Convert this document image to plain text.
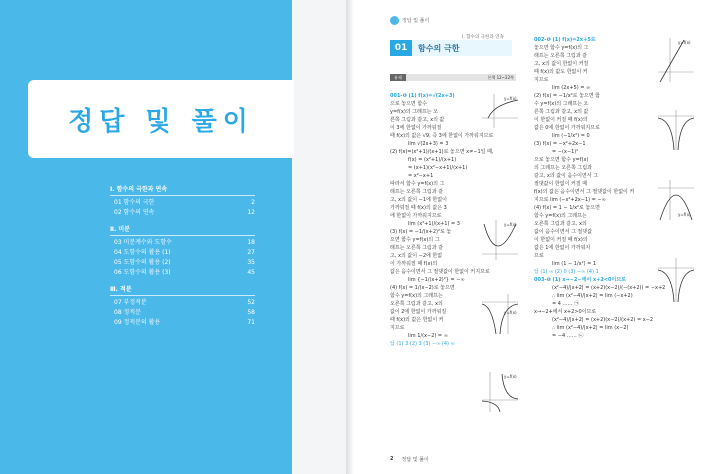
정답 및 풀이
Ⅰ. 함수의 극한과 연속
01 함수의 극한	2
02 함수의 연속	12
Ⅱ. 미분
03 미분계수와 도함수	18
04 도함수의 활용 (1)	27
05 도함수의 활용 (2)	35
06 도함수의 활용 (3)	45
Ⅲ. 적분
07 부정적분	52
08 정적분	58
09 정적분의 활용	71
정답 및 풀이
Ⅰ. 함수의 극한과 연속
01	함수의 극한
유제	본책 12~22쪽
001-❶ (1) f(x)=√(2x+3)
으로 놓으면 함수
y=f(x)의 그래프는 오
른쪽 그림과 같고, x의 값
이 3에 한없이 가까워질
때 f(x)의 값은 √9, 즉 3에 한없이 가까워지므로
lim √(2x+3) = 3
(2) f(x)=(x²+1)/(x+1)로 놓으면 x≠−1일 때,
f(x) = (x²+1)/(x+1)
= (x+1)(x²−x+1)/(x+1)
= x²−x+1
따라서 함수 y=f(x)의 그
래프는 오른쪽 그림과 같
고, x의 값이 −1에 한없이
가까워질 때 f(x)의 값은 3
에 한없이 가까워지므로
lim (x³+1)/(x+1) = 3
(3) f(x) = −1/(x+2)²로 놓
으면 함수 y=f(x)의 그
래프는 오른쪽 그림과 같
고, x의 값이 −2에 한없
이 가까워질 때 f(x)의
값은 음수이면서 그 절댓값이 한없이 커지므로
lim {−1/(x+2)²} = −∞
(4) f(x) = 1/(x−2)로 놓으면
함수 y=f(x)의 그래프는
오른쪽 그림과 같고, x의
값이 2에 한없이 가까워질
때 f(x)의 값은 한없이 커
지므로
lim 1/(x−2) = ∞
답 (1) 3 (2) 3 (3) −∞ (4) ∞
002-❶ (1) f(x)=2x+5로
놓으면 함수 y=f(x)의 그
래프는 오른쪽 그림과 같
고, x의 값이 한없이 커질
때 f(x)의 값도 한없이 커
지므로
lim (2x+5) = ∞
(2) f(x) = −1/x²로 놓으면 함
수 y=f(x)의 그래프는 오
른쪽 그림과 같고, x의 값
이 한없이 커질 때 f(x)의
값은 0에 한없이 가까워지므로
lim (−1/x²) = 0
(3) f(x) = −x²+2x−1
= −(x−1)²
으로 놓으면 함수 y=f(x)
의 그래프는 오른쪽 그림과
같고, x의 값이 음수이면서 그
절댓값이 한없이 커질 때
f(x)의 값은 음수이면서 그 절댓값이 한없이 커
지므로 lim (−x²+2x−1) = −∞
(4) f(x) = 1 − 1/x²로 놓으면
함수 y=f(x)의 그래프는
오른쪽 그림과 같고, x의
값이 음수이면서 그 절댓값
이 한없이 커질 때 f(x)의
값은 1에 한없이 가까워지
므로
lim (1 − 1/x²) = 1
답 (1) ∞ (2) 0 (3) −∞ (4) 1
003-❶ (1) x→−2−에서 x+2<0이므로
(x²−4)/|x+2| = (x+2)(x−2)/(−(x+2)) = −x+2
∴ lim (x²−4)/|x+2| = lim (−x+2)
= 4 …… ㉠
x→−2+에서 x+2>0이므로
(x²−4)/|x+2| = (x+2)(x−2)/(x+2) = x−2
∴ lim (x²−4)/|x+2| = lim (x−2)
= −4 …… ㉡
y=f(x)
y=f(x)
y=f(x)
y=f(x)
y=f(x)
y=f(x)
2 정답 및 풀이
